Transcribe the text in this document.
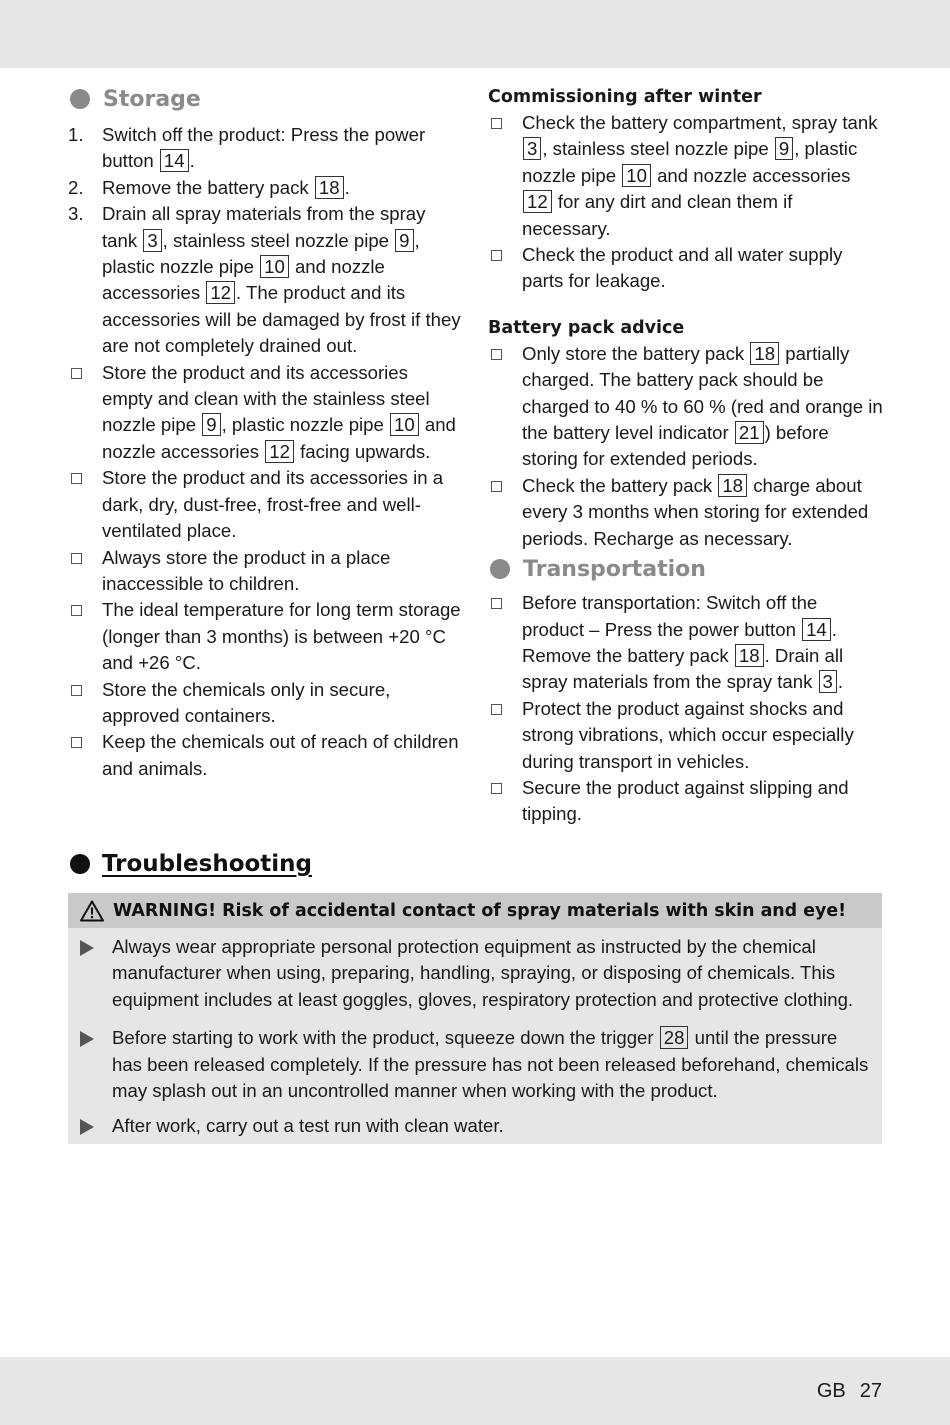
Storage
1. Switch off the product: Press the power button 14 .
2. Remove the battery pack 18 .
3. Drain all spray materials from the spray tank 3 , stainless steel nozzle pipe 9 , plastic nozzle pipe 10 and nozzle accessories 12 . The product and its accessories will be damaged by frost if they are not completely drained out.
Store the product and its accessories empty and clean with the stainless steel nozzle pipe 9 , plastic nozzle pipe 10 and nozzle accessories 12 facing upwards.
Store the product and its accessories in a dark, dry, dust-free, frost-free and well-ventilated place.
Always store the product in a place inaccessible to children.
The ideal temperature for long term storage (longer than 3 months) is between +20 °C and +26 °C.
Store the chemicals only in secure, approved containers.
Keep the chemicals out of reach of children and animals.
Commissioning after winter
Check the battery compartment, spray tank 3 , stainless steel nozzle pipe 9 , plastic nozzle pipe 10 and nozzle accessories 12 for any dirt and clean them if necessary.
Check the product and all water supply parts for leakage.
Battery pack advice
Only store the battery pack 18 partially charged. The battery pack should be charged to 40 % to 60 % (red and orange in the battery level indicator 21 ) before storing for extended periods.
Check the battery pack 18 charge about every 3 months when storing for extended periods. Recharge as necessary.
Transportation
Before transportation: Switch off the product – Press the power button 14 . Remove the battery pack 18 . Drain all spray materials from the spray tank 3 .
Protect the product against shocks and strong vibrations, which occur especially during transport in vehicles.
Secure the product against slipping and tipping.
Troubleshooting
WARNING! Risk of accidental contact of spray materials with skin and eye!
Always wear appropriate personal protection equipment as instructed by the chemical manufacturer when using, preparing, handling, spraying, or disposing of chemicals. This equipment includes at least goggles, gloves, respiratory protection and protective clothing.
Before starting to work with the product, squeeze down the trigger 28 until the pressure has been released completely. If the pressure has not been released beforehand, chemicals may splash out in an uncontrolled manner when working with the product.
After work, carry out a test run with clean water.
GB 27
